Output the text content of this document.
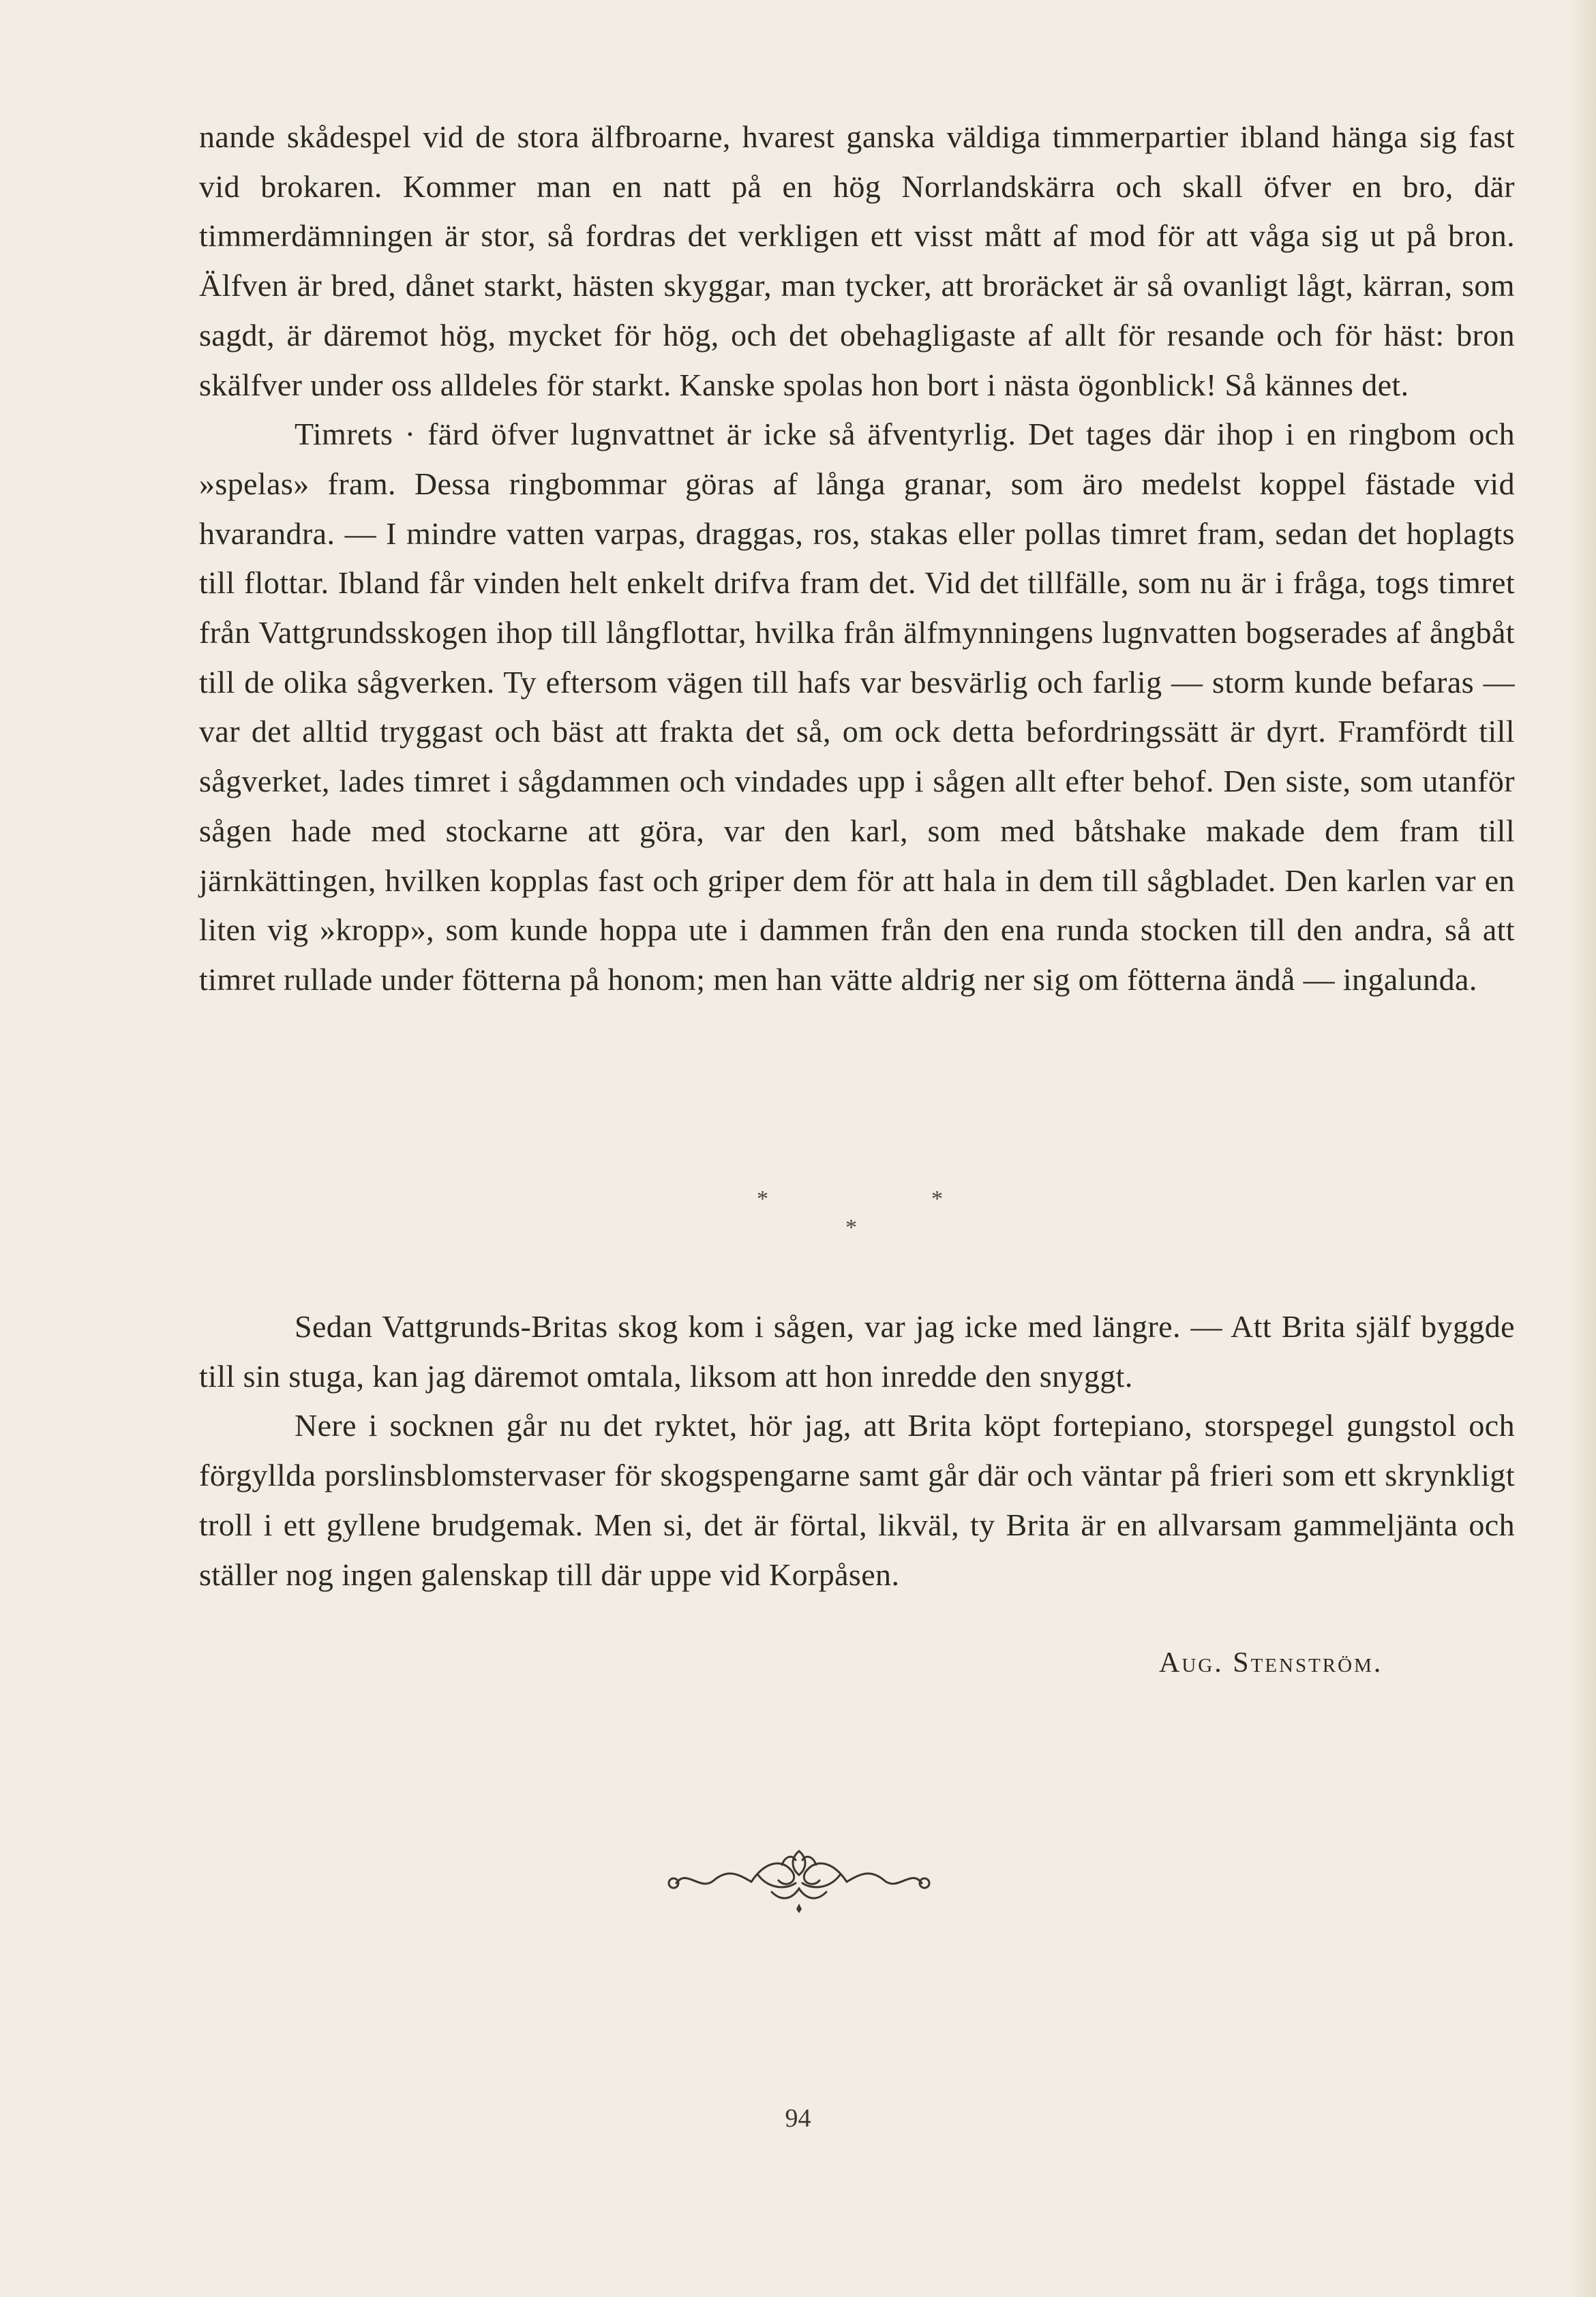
nande skådespel vid de stora älfbroarne, hvarest ganska väldiga timmerpartier ibland hänga sig fast vid brokaren. Kommer man en natt på en hög Norrlandskärra och skall öfver en bro, där timmerdämningen är stor, så fordras det verkligen ett visst mått af mod för att våga sig ut på bron. Älfven är bred, dånet starkt, hästen skyggar, man tycker, att broräcket är så ovanligt lågt, kärran, som sagdt, är däremot hög, mycket för hög, och det obehagligaste af allt för resande och för häst: bron skälfver under oss alldeles för starkt. Kanske spolas hon bort i nästa ögonblick! Så kännes det.

Timrets · färd öfver lugnvattnet är icke så äfventyrlig. Det tages där ihop i en ringbom och »spelas» fram. Dessa ringbommar göras af långa granar, som äro medelst koppel fästade vid hvarandra. — I mindre vatten varpas, draggas, ros, stakas eller pollas timret fram, sedan det hoplagts till flottar. Ibland får vinden helt enkelt drifva fram det. Vid det tillfälle, som nu är i fråga, togs timret från Vattgrundsskogen ihop till långflottar, hvilka från älfmynningens lugnvatten bogserades af ångbåt till de olika sågverken. Ty eftersom vägen till hafs var besvärlig och farlig — storm kunde befaras — var det alltid tryggast och bäst att frakta det så, om ock detta befordringssätt är dyrt. Framfördt till sågverket, lades timret i sågdammen och vindades upp i sågen allt efter behof. Den siste, som utanför sågen hade med stockarne att göra, var den karl, som med båtshake makade dem fram till järnkättingen, hvilken kopplas fast och griper dem för att hala in dem till sågbladet. Den karlen var en liten vig »kropp», som kunde hoppa ute i dammen från den ena runda stocken till den andra, så att timret rullade under fötterna på honom; men han vätte aldrig ner sig om fötterna ändå — ingalunda.

*	*
*

Sedan Vattgrunds-Britas skog kom i sågen, var jag icke med längre. — Att Brita själf byggde till sin stuga, kan jag däremot omtala, liksom att hon inredde den snyggt.

Nere i socknen går nu det ryktet, hör jag, att Brita köpt fortepiano, storspegel gungstol och förgyllda porslinsblomstervaser för skogspengarne samt går där och väntar på frieri som ett skrynkligt troll i ett gyllene brudgemak. Men si, det är förtal, likväl, ty Brita är en allvarsam gammeljänta och ställer nog ingen galenskap till där uppe vid Korpåsen.

Aug. Stenström.
94
